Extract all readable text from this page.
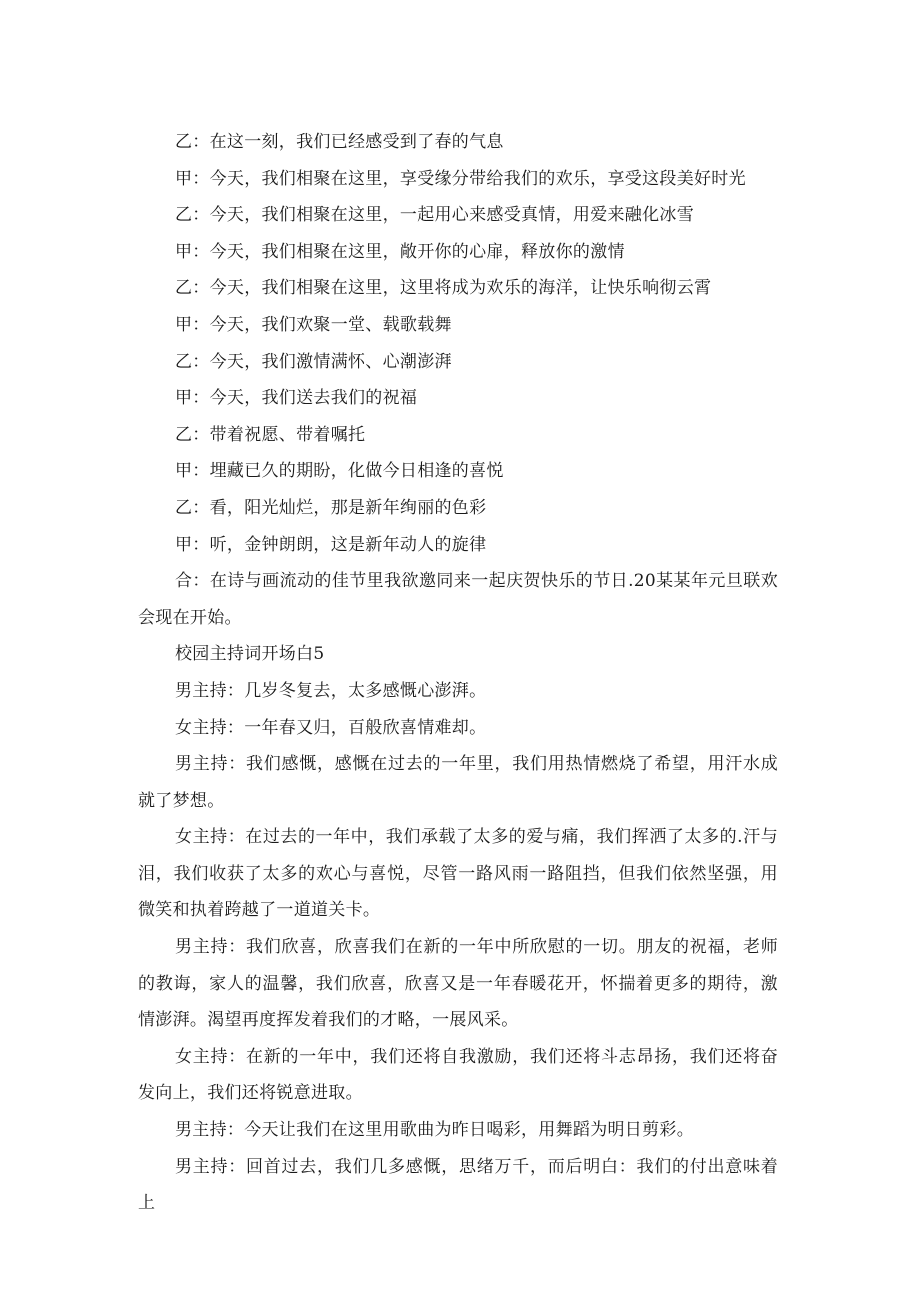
乙：在这一刻，我们已经感受到了春的气息

甲：今天，我们相聚在这里，享受缘分带给我们的欢乐，享受这段美好时光

乙：今天，我们相聚在这里，一起用心来感受真情，用爱来融化冰雪

甲：今天，我们相聚在这里，敞开你的心扉，释放你的激情

乙：今天，我们相聚在这里，这里将成为欢乐的海洋，让快乐响彻云霄

甲：今天，我们欢聚一堂、载歌载舞

乙：今天，我们激情满怀、心潮澎湃

甲：今天，我们送去我们的祝福

乙：带着祝愿、带着嘱托

甲：埋藏已久的期盼，化做今日相逢的喜悦

乙：看，阳光灿烂，那是新年绚丽的色彩

甲：听，金钟朗朗，这是新年动人的旋律

合：在诗与画流动的佳节里我欲邀同来一起庆贺快乐的节日.20某某年元旦联欢会现在开始。

校园主持词开场白5

男主持：几岁冬复去，太多感慨心澎湃。

女主持：一年春又归，百般欣喜情难却。

男主持：我们感慨，感慨在过去的一年里，我们用热情燃烧了希望，用汗水成就了梦想。

女主持：在过去的一年中，我们承载了太多的爱与痛，我们挥洒了太多的.汗与泪，我们收获了太多的欢心与喜悦，尽管一路风雨一路阻挡，但我们依然坚强，用微笑和执着跨越了一道道关卡。

男主持：我们欣喜，欣喜我们在新的一年中所欣慰的一切。朋友的祝福，老师的教诲，家人的温馨，我们欣喜，欣喜又是一年春暖花开，怀揣着更多的期待，激情澎湃。渴望再度挥发着我们的才略，一展风采。

女主持：在新的一年中，我们还将自我激励，我们还将斗志昂扬，我们还将奋发向上，我们还将锐意进取。

男主持：今天让我们在这里用歌曲为昨日喝彩，用舞蹈为明日剪彩。

男主持：回首过去，我们几多感慨，思绪万千，而后明白：我们的付出意味着上
